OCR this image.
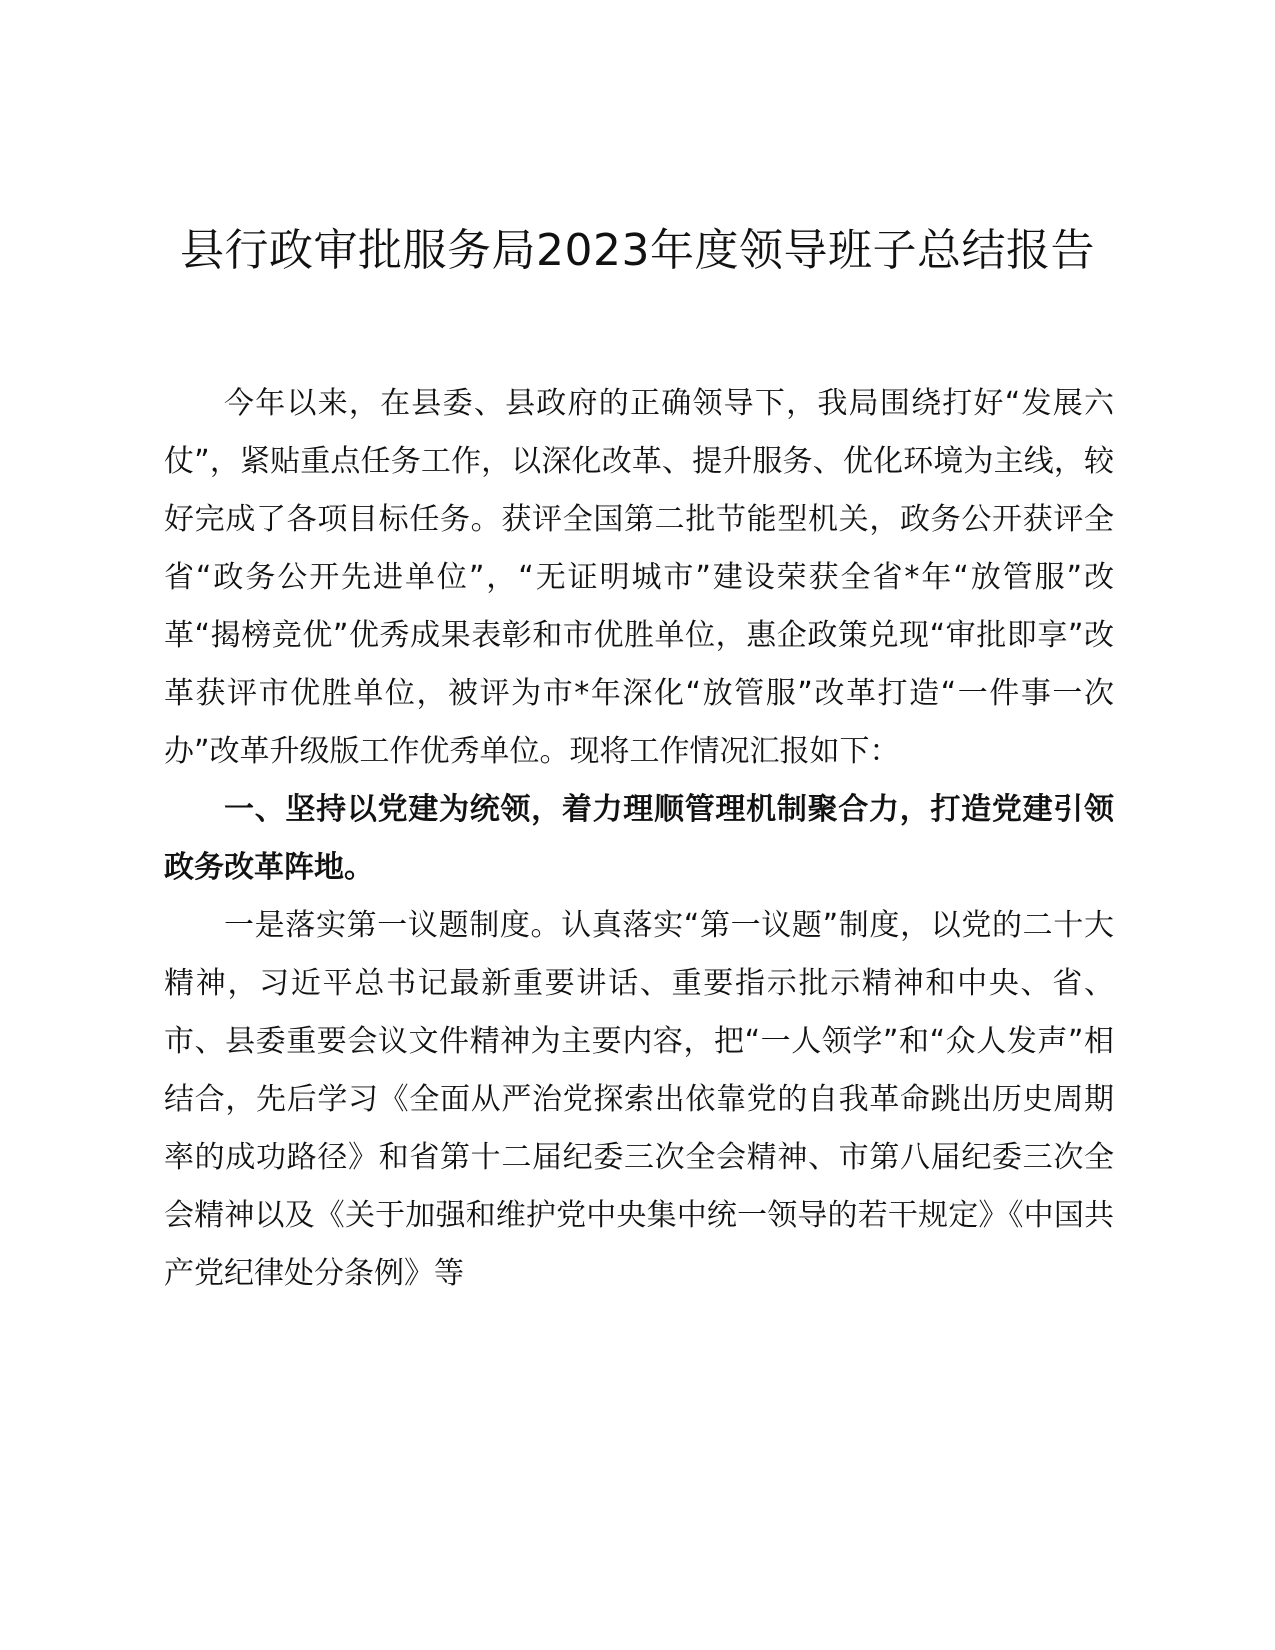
县行政审批服务局2023年度领导班子总结报告

今年以来，在县委、县政府的正确领导下，我局围绕打好“发展六仗”，紧贴重点任务工作，以深化改革、提升服务、优化环境为主线，较好完成了各项目标任务。获评全国第二批节能型机关，政务公开获评全省“政务公开先进单位”，“无证明城市”建设荣获全省*年“放管服”改革“揭榜竞优”优秀成果表彰和市优胜单位，惠企政策兑现“审批即享”改革获评市优胜单位，被评为市*年深化“放管服”改革打造“一件事一次办”改革升级版工作优秀单位。现将工作情况汇报如下：

一、坚持以党建为统领，着力理顺管理机制聚合力，打造党建引领政务改革阵地。

一是落实第一议题制度。认真落实“第一议题”制度，以党的二十大精神，习近平总书记最新重要讲话、重要指示批示精神和中央、省、市、县委重要会议文件精神为主要内容，把“一人领学”和“众人发声”相结合，先后学习《全面从严治党探索出依靠党的自我革命跳出历史周期率的成功路径》和省第十二届纪委三次全会精神、市第八届纪委三次全会精神以及《关于加强和维护党中央集中统一领导的若干规定》《中国共产党纪律处分条例》等
